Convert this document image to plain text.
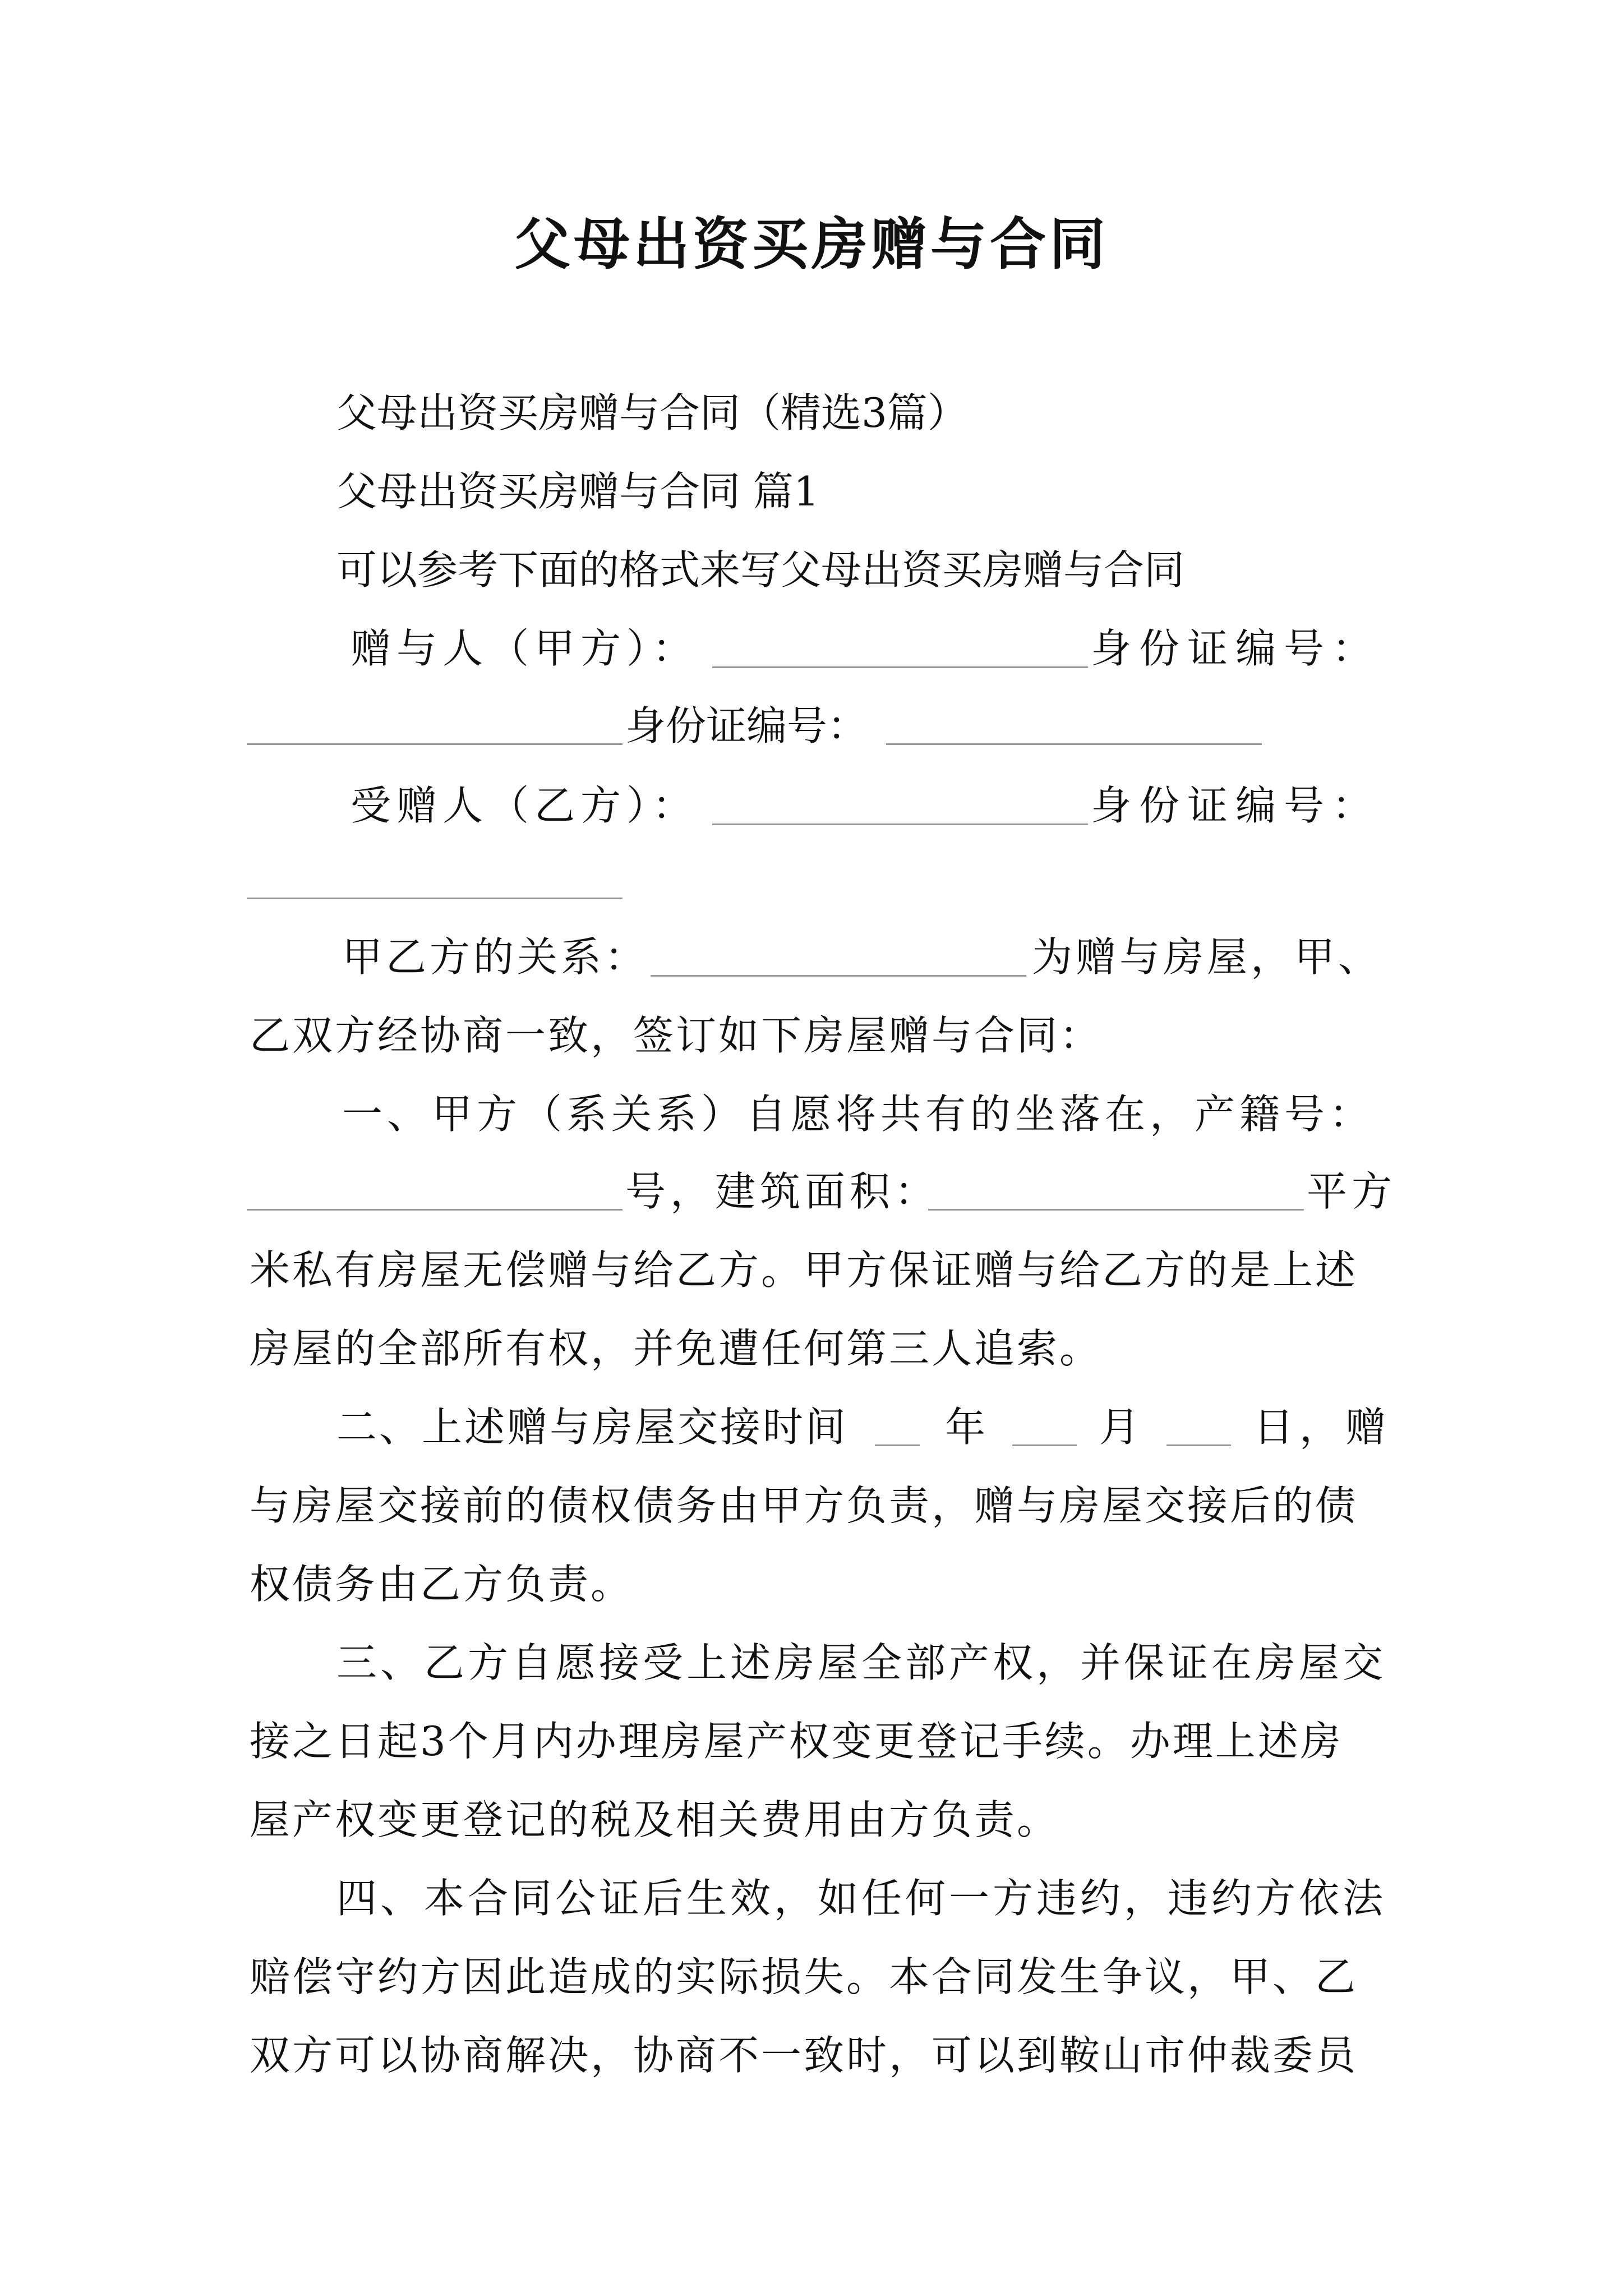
父母出资买房赠与合同
父母出资买房赠与合同（精选3篇）
父母出资买房赠与合同 篇1
可以参考下面的格式来写父母出资买房赠与合同
赠与人（甲方）：	身份证编号：
身份证编号：
受赠人（乙方）：	身份证编号：
甲乙方的关系：	为赠与房屋，甲、
乙双方经协商一致，签订如下房屋赠与合同：
一、甲方（系关系）自愿将共有的坐落在，产籍号：
号，建筑面积：	平方
米私有房屋无偿赠与给乙方。甲方保证赠与给乙方的是上述
房屋的全部所有权，并免遭任何第三人追索。
二、上述赠与房屋交接时间 年	月	日，赠
与房屋交接前的债权债务由甲方负责，赠与房屋交接后的债
权债务由乙方负责。
三、乙方自愿接受上述房屋全部产权，并保证在房屋交
接之日起3个月内办理房屋产权变更登记手续。办理上述房
屋产权变更登记的税及相关费用由方负责。
四、本合同公证后生效，如任何一方违约，违约方依法
赔偿守约方因此造成的实际损失。本合同发生争议，甲、乙
双方可以协商解决，协商不一致时，可以到鞍山市仲裁委员
